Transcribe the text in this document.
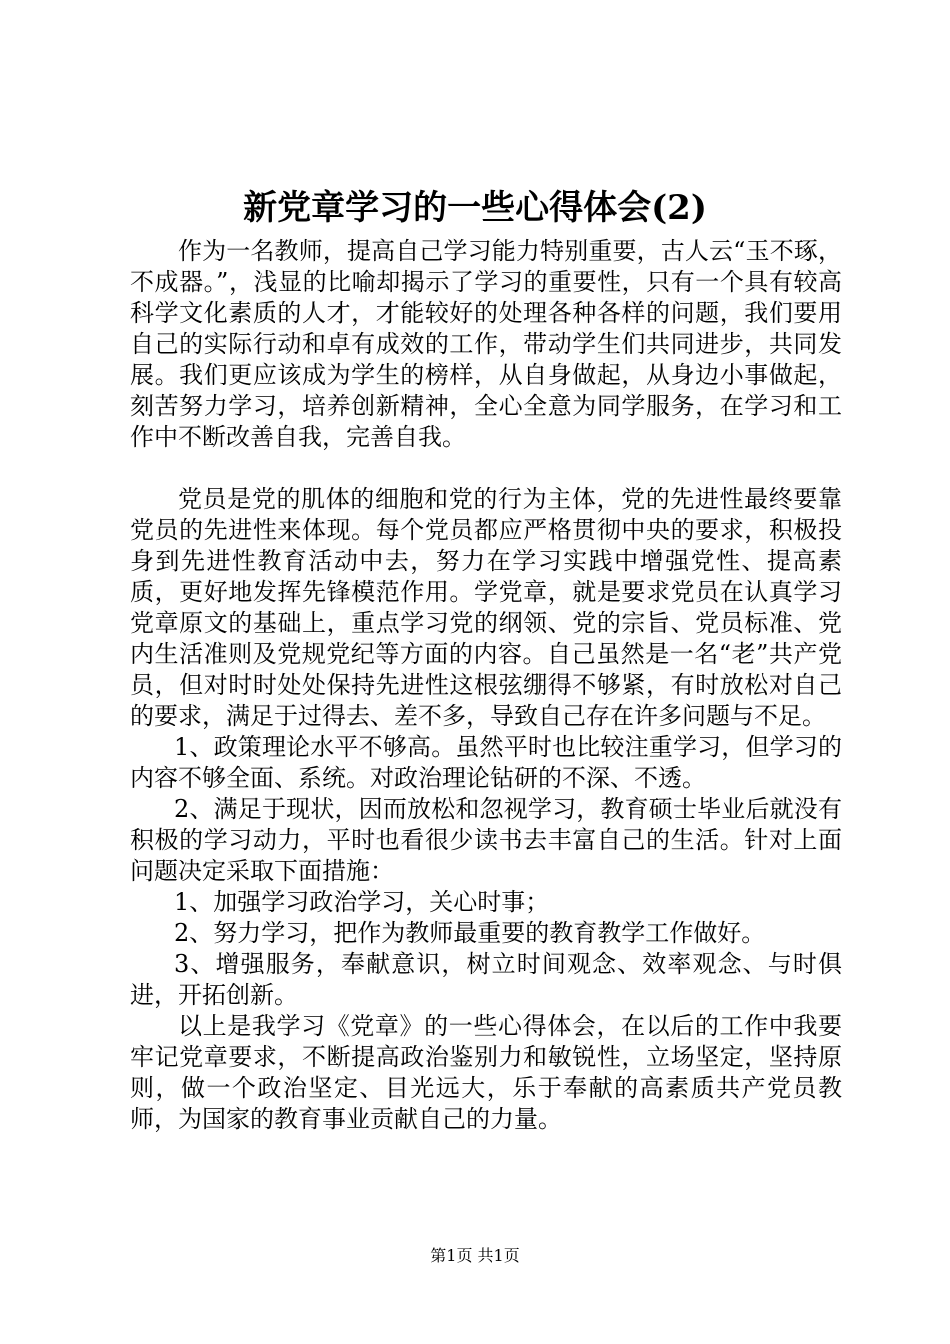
新党章学习的一些心得体会(2)

作为一名教师，提高自己学习能力特别重要，古人云“玉不琢，不成器。”，浅显的比喻却揭示了学习的重要性，只有一个具有较高科学文化素质的人才，才能较好的处理各种各样的问题，我们要用自己的实际行动和卓有成效的工作，带动学生们共同进步，共同发展。我们更应该成为学生的榜样，从自身做起，从身边小事做起，刻苦努力学习，培养创新精神，全心全意为同学服务，在学习和工作中不断改善自我，完善自我。

党员是党的肌体的细胞和党的行为主体，党的先进性最终要靠党员的先进性来体现。每个党员都应严格贯彻中央的要求，积极投身到先进性教育活动中去，努力在学习实践中增强党性、提高素质，更好地发挥先锋模范作用。学党章，就是要求党员在认真学习党章原文的基础上，重点学习党的纲领、党的宗旨、党员标准、党内生活准则及党规党纪等方面的内容。自己虽然是一名“老”共产党员，但对时时处处保持先进性这根弦绷得不够紧，有时放松对自己的要求，满足于过得去、差不多，导致自己存在许多问题与不足。

1、政策理论水平不够高。虽然平时也比较注重学习，但学习的内容不够全面、系统。对政治理论钻研的不深、不透。

2、满足于现状，因而放松和忽视学习，教育硕士毕业后就没有积极的学习动力，平时也看很少读书去丰富自己的生活。针对上面问题决定采取下面措施：

1、加强学习政治学习，关心时事；

2、努力学习，把作为教师最重要的教育教学工作做好。

3、增强服务，奉献意识，树立时间观念、效率观念、与时俱进，开拓创新。

以上是我学习《党章》的一些心得体会，在以后的工作中我要牢记党章要求，不断提高政治鉴别力和敏锐性，立场坚定，坚持原则，做一个政治坚定、目光远大，乐于奉献的高素质共产党员教师，为国家的教育事业贡献自己的力量。

第1页 共1页
